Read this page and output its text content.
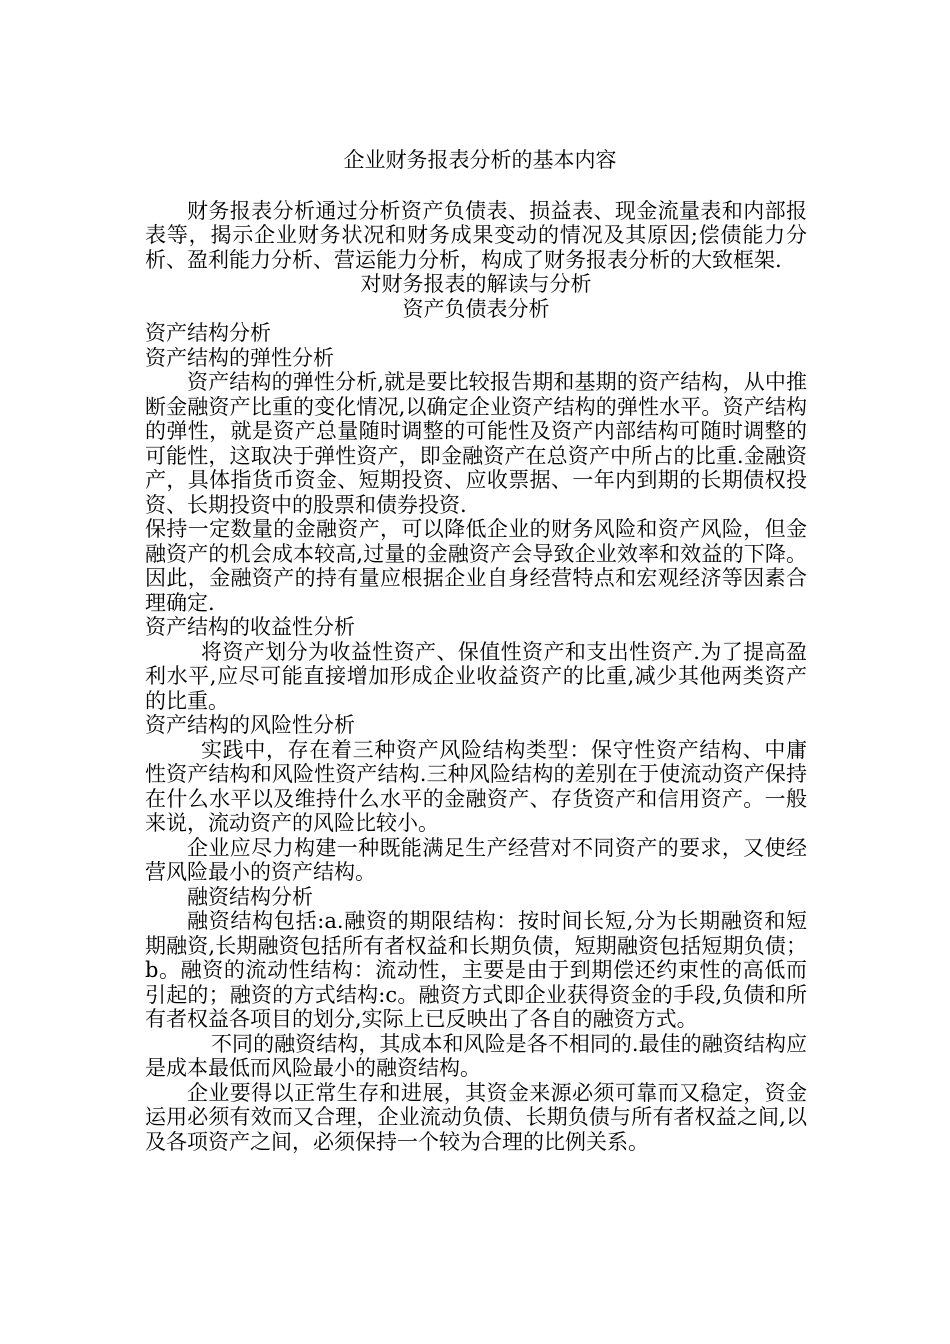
企业财务报表分析的基本内容

财务报表分析通过分析资产负债表、损益表、现金流量表和内部报表等，揭示企业财务状况和财务成果变动的情况及其原因;偿债能力分析、盈利能力分析、营运能力分析，构成了财务报表分析的大致框架.

对财务报表的解读与分析

资产负债表分析

资产结构分析

资产结构的弹性分析

资产结构的弹性分析,就是要比较报告期和基期的资产结构，从中推断金融资产比重的变化情况,以确定企业资产结构的弹性水平。资产结构的弹性，就是资产总量随时调整的可能性及资产内部结构可随时调整的可能性，这取决于弹性资产，即金融资产在总资产中所占的比重.金融资产，具体指货币资金、短期投资、应收票据、一年内到期的长期债权投资、长期投资中的股票和债券投资.

保持一定数量的金融资产，可以降低企业的财务风险和资产风险，但金融资产的机会成本较高,过量的金融资产会导致企业效率和效益的下降。因此，金融资产的持有量应根据企业自身经营特点和宏观经济等因素合理确定.

资产结构的收益性分析

将资产划分为收益性资产、保值性资产和支出性资产.为了提高盈利水平,应尽可能直接增加形成企业收益资产的比重,减少其他两类资产的比重。

资产结构的风险性分析

实践中，存在着三种资产风险结构类型：保守性资产结构、中庸性资产结构和风险性资产结构.三种风险结构的差别在于使流动资产保持在什么水平以及维持什么水平的金融资产、存货资产和信用资产。一般来说，流动资产的风险比较小。

企业应尽力构建一种既能满足生产经营对不同资产的要求，又使经营风险最小的资产结构。

融资结构分析

融资结构包括:a.融资的期限结构：按时间长短,分为长期融资和短期融资,长期融资包括所有者权益和长期负债，短期融资包括短期负债；b。融资的流动性结构：流动性，主要是由于到期偿还约束性的高低而引起的；融资的方式结构:c。融资方式即企业获得资金的手段,负债和所有者权益各项目的划分,实际上已反映出了各自的融资方式。

不同的融资结构，其成本和风险是各不相同的.最佳的融资结构应是成本最低而风险最小的融资结构。

企业要得以正常生存和进展，其资金来源必须可靠而又稳定，资金运用必须有效而又合理，企业流动负债、长期负债与所有者权益之间,以及各项资产之间，必须保持一个较为合理的比例关系。
